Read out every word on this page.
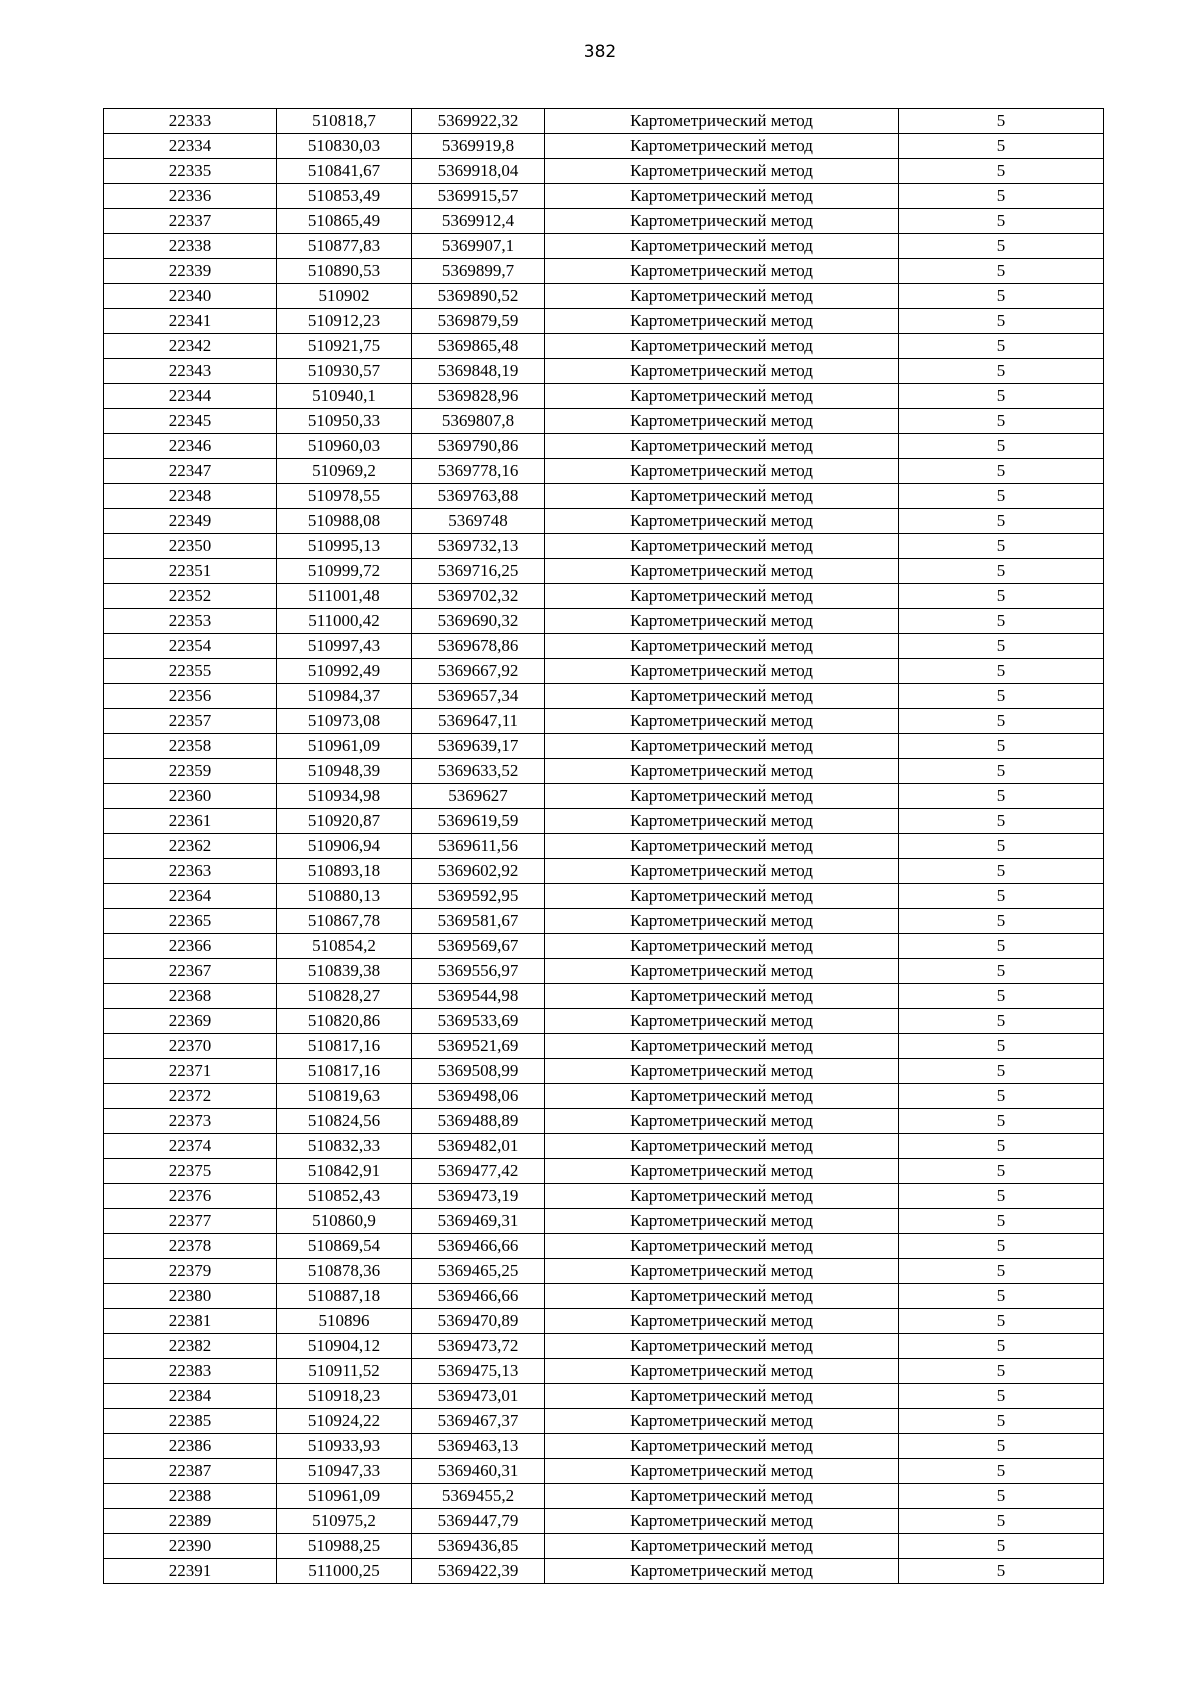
382
22333	510818,7	5369922,32	Картометрический метод	5
22334	510830,03	5369919,8	Картометрический метод	5
22335	510841,67	5369918,04	Картометрический метод	5
22336	510853,49	5369915,57	Картометрический метод	5
22337	510865,49	5369912,4	Картометрический метод	5
22338	510877,83	5369907,1	Картометрический метод	5
22339	510890,53	5369899,7	Картометрический метод	5
22340	510902	5369890,52	Картометрический метод	5
22341	510912,23	5369879,59	Картометрический метод	5
22342	510921,75	5369865,48	Картометрический метод	5
22343	510930,57	5369848,19	Картометрический метод	5
22344	510940,1	5369828,96	Картометрический метод	5
22345	510950,33	5369807,8	Картометрический метод	5
22346	510960,03	5369790,86	Картометрический метод	5
22347	510969,2	5369778,16	Картометрический метод	5
22348	510978,55	5369763,88	Картометрический метод	5
22349	510988,08	5369748	Картометрический метод	5
22350	510995,13	5369732,13	Картометрический метод	5
22351	510999,72	5369716,25	Картометрический метод	5
22352	511001,48	5369702,32	Картометрический метод	5
22353	511000,42	5369690,32	Картометрический метод	5
22354	510997,43	5369678,86	Картометрический метод	5
22355	510992,49	5369667,92	Картометрический метод	5
22356	510984,37	5369657,34	Картометрический метод	5
22357	510973,08	5369647,11	Картометрический метод	5
22358	510961,09	5369639,17	Картометрический метод	5
22359	510948,39	5369633,52	Картометрический метод	5
22360	510934,98	5369627	Картометрический метод	5
22361	510920,87	5369619,59	Картометрический метод	5
22362	510906,94	5369611,56	Картометрический метод	5
22363	510893,18	5369602,92	Картометрический метод	5
22364	510880,13	5369592,95	Картометрический метод	5
22365	510867,78	5369581,67	Картометрический метод	5
22366	510854,2	5369569,67	Картометрический метод	5
22367	510839,38	5369556,97	Картометрический метод	5
22368	510828,27	5369544,98	Картометрический метод	5
22369	510820,86	5369533,69	Картометрический метод	5
22370	510817,16	5369521,69	Картометрический метод	5
22371	510817,16	5369508,99	Картометрический метод	5
22372	510819,63	5369498,06	Картометрический метод	5
22373	510824,56	5369488,89	Картометрический метод	5
22374	510832,33	5369482,01	Картометрический метод	5
22375	510842,91	5369477,42	Картометрический метод	5
22376	510852,43	5369473,19	Картометрический метод	5
22377	510860,9	5369469,31	Картометрический метод	5
22378	510869,54	5369466,66	Картометрический метод	5
22379	510878,36	5369465,25	Картометрический метод	5
22380	510887,18	5369466,66	Картометрический метод	5
22381	510896	5369470,89	Картометрический метод	5
22382	510904,12	5369473,72	Картометрический метод	5
22383	510911,52	5369475,13	Картометрический метод	5
22384	510918,23	5369473,01	Картометрический метод	5
22385	510924,22	5369467,37	Картометрический метод	5
22386	510933,93	5369463,13	Картометрический метод	5
22387	510947,33	5369460,31	Картометрический метод	5
22388	510961,09	5369455,2	Картометрический метод	5
22389	510975,2	5369447,79	Картометрический метод	5
22390	510988,25	5369436,85	Картометрический метод	5
22391	511000,25	5369422,39	Картометрический метод	5
